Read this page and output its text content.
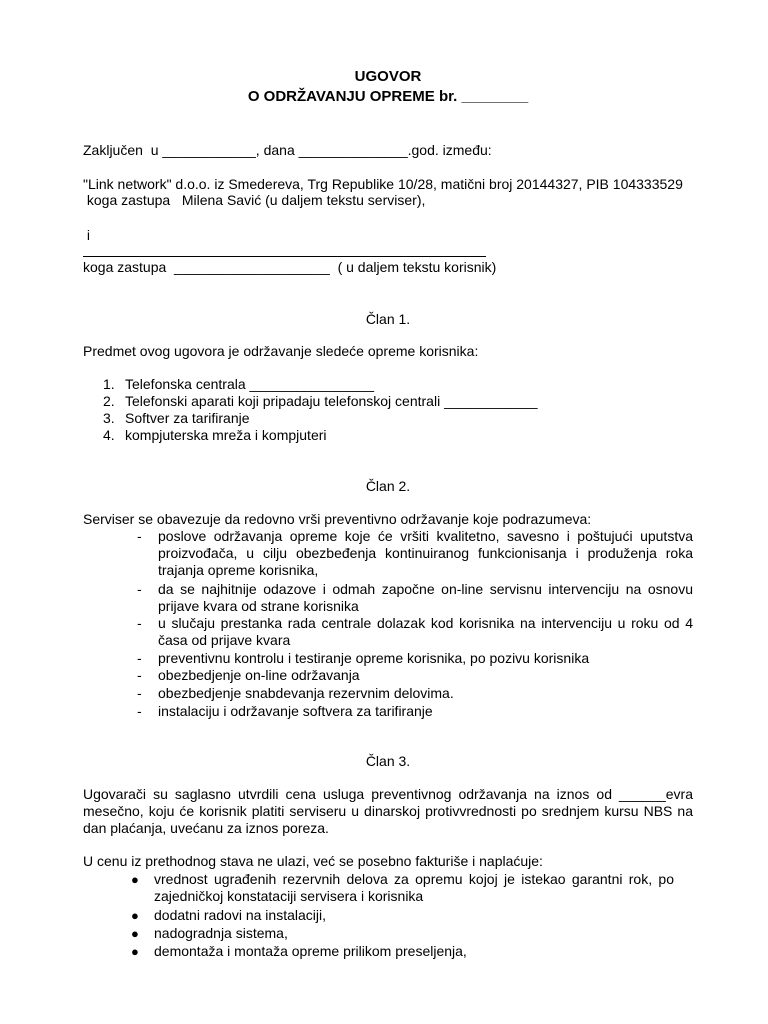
UGOVOR
O ODRŽAVANJU OPREME br. ________
Zaključen  u ____________, dana ______________.god. između:
"Link network" d.o.o. iz Smedereva, Trg Republike 10/28, matični broj 20144327, PIB 104333529
koga zastupa   Milena Savić (u daljem tekstu serviser),
i
koga zastupa  ____________________  ( u daljem tekstu korisnik)
Član 1.
Predmet ovog ugovora je održavanje sledeće opreme korisnika:
1. Telefonska centrala ________________
2. Telefonski aparati koji pripadaju telefonskoj centrali ____________
3. Softver za tarifiranje
4. kompjuterska mreža i kompjuteri
Član 2.
Serviser se obavezuje da redovno vrši preventivno održavanje koje podrazumeva:
- poslove održavanja opreme koje će vršiti kvalitetno, savesno i poštujući uputstva proizvođača, u cilju obezbeđenja kontinuiranog funkcionisanja i produženja roka trajanja opreme korisnika,
- da se najhitnije odazove i odmah započne on-line servisnu intervenciju na osnovu prijave kvara od strane korisnika
- u slučaju prestanka rada centrale dolazak kod korisnika na intervenciju u roku od 4 časa od prijave kvara
- preventivnu kontrolu i testiranje opreme korisnika, po pozivu korisnika
- obezbedjenje on-line održavanja
- obezbedjenje snabdevanja rezervnim delovima.
- instalaciju i održavanje softvera za tarifiranje
Član 3.
Ugovarači su saglasno utvrdili cena usluga preventivnog održavanja na iznos od ______evra mesečno, koju će korisnik platiti serviseru u dinarskoj protivvrednosti po srednjem kursu NBS na dan plaćanja, uvećanu za iznos poreza.
U cenu iz prethodnog stava ne ulazi, već se posebno fakturiše i naplaćuje:
● vrednost ugrađenih rezervnih delova za opremu kojoj je istekao garantni rok, po zajedničkoj konstataciji servisera i korisnika
● dodatni radovi na instalaciji,
● nadogradnja sistema,
● demontaža i montaža opreme prilikom preseljenja,
